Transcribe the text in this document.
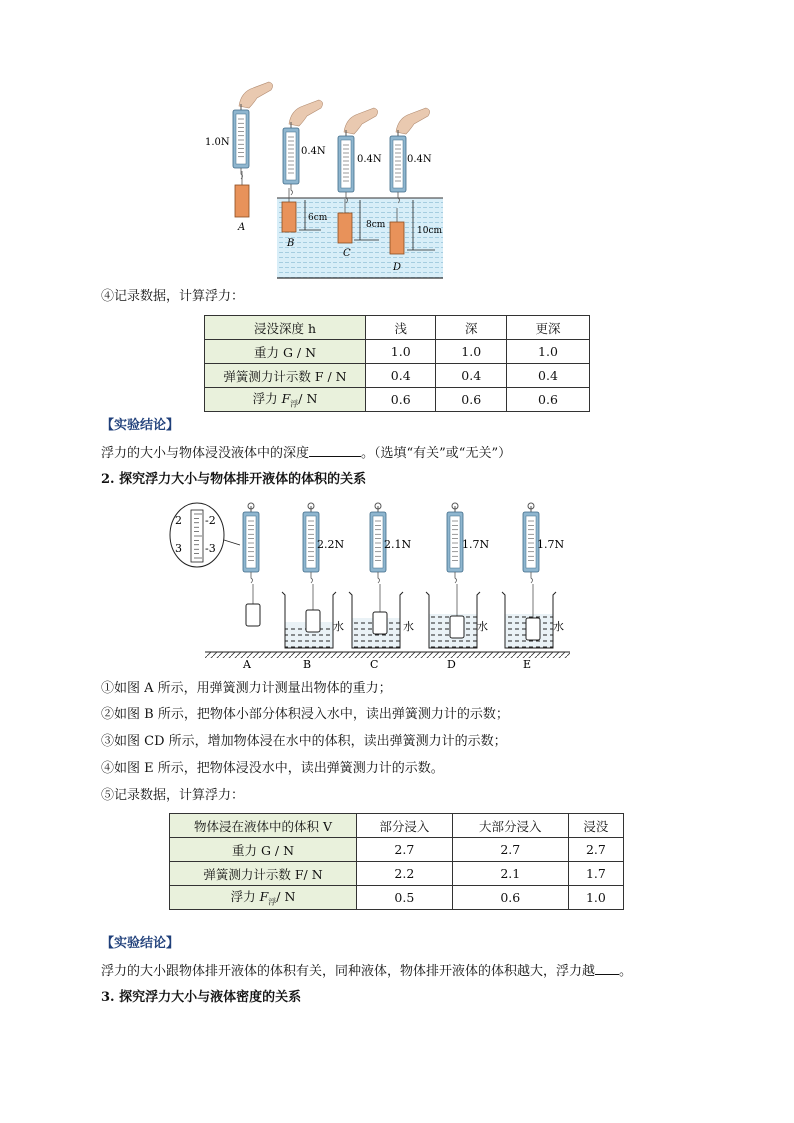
1.0N
0.4N
0.4N	0.4N
A
B
C
D
6cm
8cm
10cm
④记录数据，计算浮力：
浸没深度 h	浅	深	更深
重力 G / N	1.0	1.0	1.0
弹簧测力计示数 F / N	0.4	0.4	0.4
浮力 $F_浮/$ N	0.6	0.6	0.6
【实验结论】
浮力的大小与物体浸没液体中的深度	。（选填“有关”或“无关”）
2. 探究浮力大小与物体排开液体的体积的关系
2 -2
3 -3	2.2N	2.1N	1.7N	1.7N
水	水	水	水
A	B	C	D	E
①如图 A 所示，用弹簧测力计测量出物体的重力；
②如图 B 所示，把物体小部分体积浸入水中，读出弹簧测力计的示数；
③如图 CD 所示，增加物体浸在水中的体积，读出弹簧测力计的示数；
④如图 E 所示，把物体浸没水中，读出弹簧测力计的示数。
⑤记录数据，计算浮力：
物体浸在液体中的体积 V	部分浸入	大部分浸入	浸没
重力 G / N	2.7	2.7	2.7
弹簧测力计示数 F/ N	2.2	2.1	1.7
浮力 $F_浮/$ N	0.5	0.6	1.0
【实验结论】
浮力的大小跟物体排开液体的体积有关，同种液体，物体排开液体的体积越大，浮力越 。
3. 探究浮力大小与液体密度的关系
